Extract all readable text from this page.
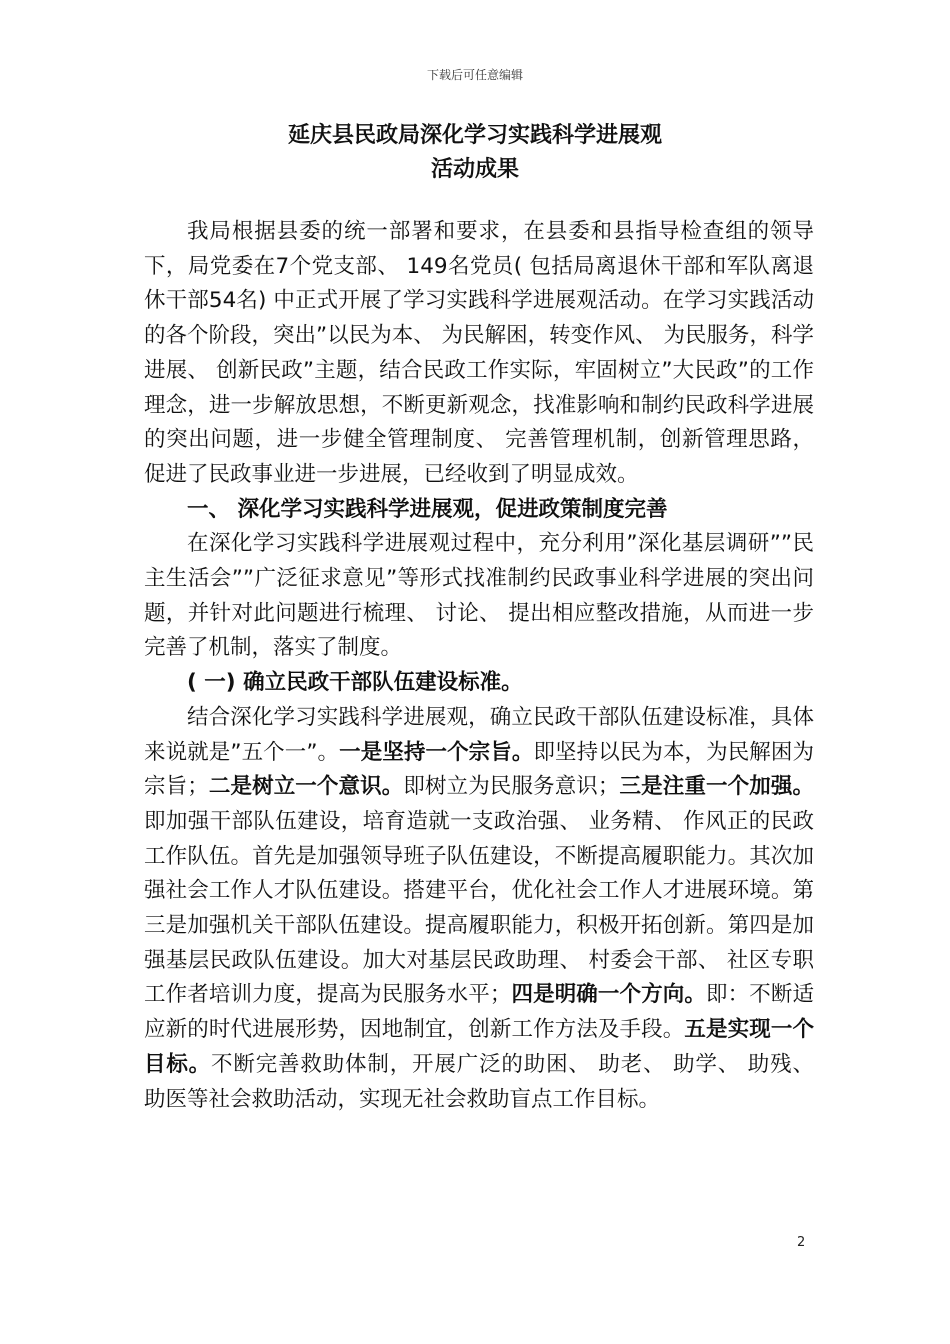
下载后可任意编辑
延庆县民政局深化学习实践科学进展观
活动成果

我局根据县委的统一部署和要求，在县委和县指导检查组的领导下，局党委在7个党支部、 149名党员( 包括局离退休干部和军队离退休干部54名) 中正式开展了学习实践科学进展观活动。在学习实践活动的各个阶段，突出”以民为本、 为民解困，转变作风、 为民服务，科学进展、 创新民政”主题，结合民政工作实际，牢固树立”大民政”的工作理念，进一步解放思想，不断更新观念，找准影响和制约民政科学进展的突出问题，进一步健全管理制度、 完善管理机制，创新管理思路，促进了民政事业进一步进展，已经收到了明显成效。

一、 深化学习实践科学进展观，促进政策制度完善

在深化学习实践科学进展观过程中，充分利用”深化基层调研””民主生活会””广泛征求意见”等形式找准制约民政事业科学进展的突出问题，并针对此问题进行梳理、 讨论、 提出相应整改措施，从而进一步完善了机制，落实了制度。

( 一) 确立民政干部队伍建设标准。

结合深化学习实践科学进展观，确立民政干部队伍建设标准，具体来说就是”五个一”。一是坚持一个宗旨。即坚持以民为本，为民解困为宗旨；二是树立一个意识。即树立为民服务意识；三是注重一个加强。即加强干部队伍建设，培育造就一支政治强、 业务精、 作风正的民政工作队伍。首先是加强领导班子队伍建设，不断提高履职能力。其次加强社会工作人才队伍建设。搭建平台，优化社会工作人才进展环境。第三是加强机关干部队伍建设。提高履职能力，积极开拓创新。第四是加强基层民政队伍建设。加大对基层民政助理、 村委会干部、 社区专职工作者培训力度，提高为民服务水平；四是明确一个方向。即：不断适应新的时代进展形势，因地制宜，创新工作方法及手段。五是实现一个目标。不断完善救助体制，开展广泛的助困、 助老、 助学、 助残、 助医等社会救助活动，实现无社会救助盲点工作目标。

2
